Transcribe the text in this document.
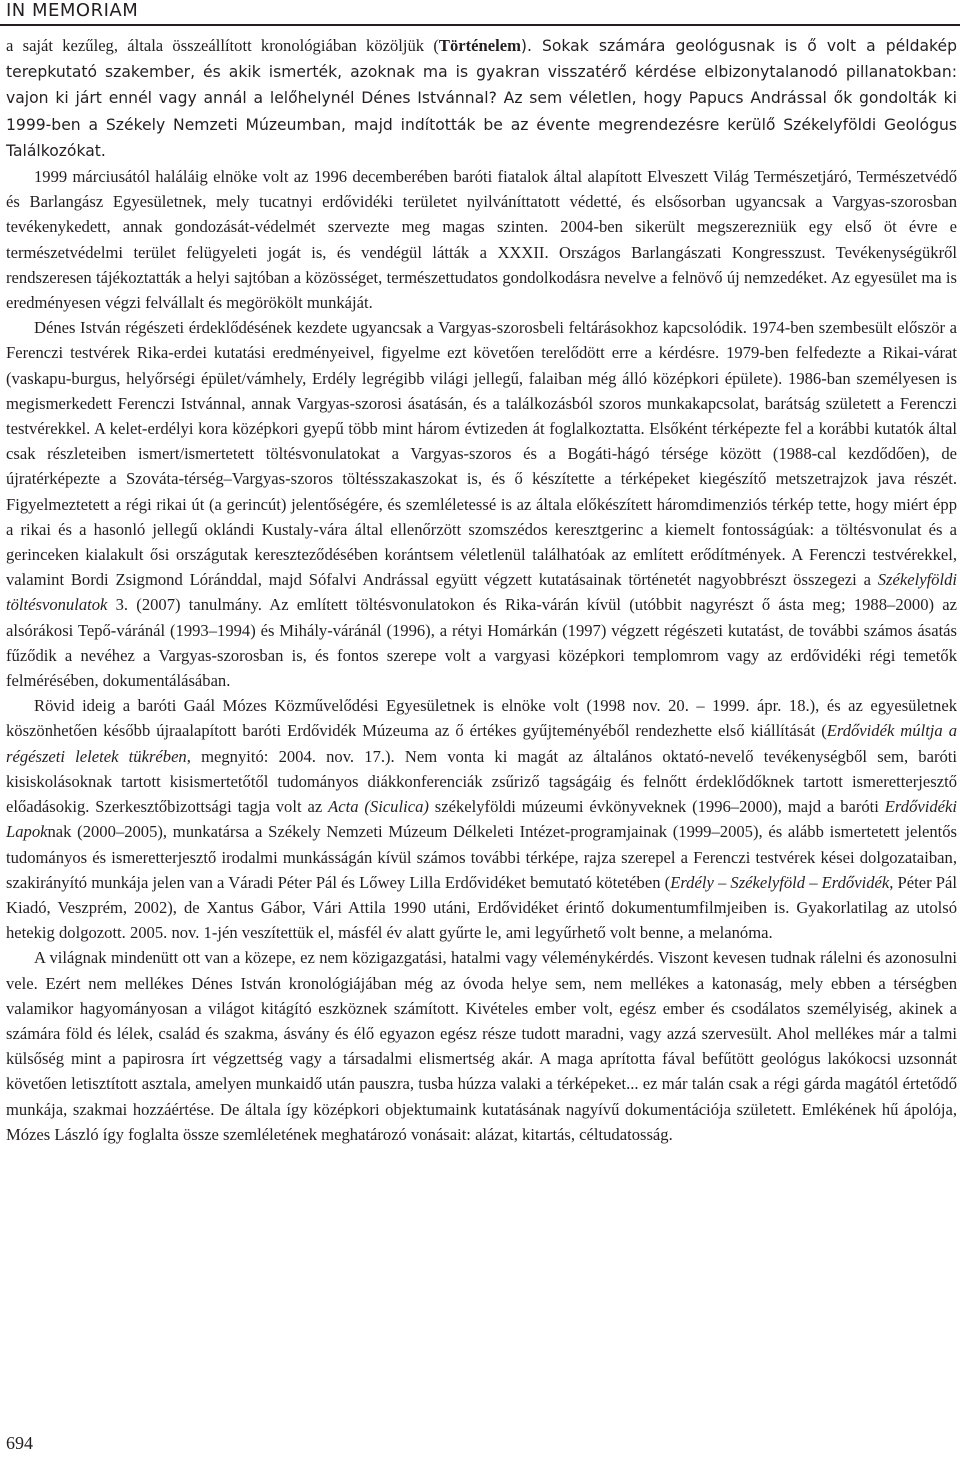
IN MEMORIAM

a saját kezűleg, általa összeállított kronológiában közöljük (Történelem). Sokak számára geológusnak is ő volt a példakép terepkutató szakember, és akik ismerték, azoknak ma is gyakran visszatérő kérdése elbizonytalanodó pillanatokban: vajon ki járt ennél vagy annál a lelőhelynél Dénes Istvánnal? Az sem véletlen, hogy Papucs Andrással ők gondolták ki 1999-ben a Székely Nemzeti Múzeumban, majd indították be az évente megrendezésre kerülő Székelyföldi Geológus Találkozókat.

1999 márciusától haláláig elnöke volt az 1996 decemberében baróti fiatalok által alapított Elveszett Világ Természetjáró, Természetvédő és Barlangász Egyesületnek, mely tucatnyi erdővidéki területet nyilváníttatott védetté, és elsősorban ugyancsak a Vargyas-szorosban tevékenykedett, annak gondozását-védelmét szervezte meg magas szinten. 2004-ben sikerült megszerezniük egy első öt évre e természetvédelmi terület felügyeleti jogát is, és vendégül látták a XXXII. Országos Barlangászati Kongresszust. Tevékenységükről rendszeresen tájékoztatták a helyi sajtóban a közösséget, természettudatos gondolkodásra nevelve a felnövő új nemzedéket. Az egyesület ma is eredményesen végzi felvállalt és megörökölt munkáját.

Dénes István régészeti érdeklődésének kezdete ugyancsak a Vargyas-szorosbeli feltárásokhoz kapcsolódik. 1974-ben szembesült először a Ferenczi testvérek Rika-erdei kutatási eredményeivel, figyelme ezt követően terelődött erre a kérdésre. 1979-ben felfedezte a Rikai-várat (vaskapu-burgus, helyőrségi épület/vámhely, Erdély legrégibb világi jellegű, falaiban még álló középkori épülete). 1986-ban személyesen is megismerkedett Ferenczi Istvánnal, annak Vargyas-szorosi ásatásán, és a találkozásból szoros munkakapcsolat, barátság született a Ferenczi testvérekkel. A kelet-erdélyi kora középkori gyepű több mint három évtizeden át foglalkoztatta. Elsőként térképezte fel a korábbi kutatók által csak részleteiben ismert/ismertetett töltésvonulatokat a Vargyas-szoros és a Bogáti-hágó térsége között (1988-cal kezdődően), de újratérképezte a Szováta-térség–Vargyas-szoros töltésszakaszokat is, és ő készítette a térképeket kiegészítő metszetrajzok java részét. Figyelmeztetett a régi rikai út (a gerincút) jelentőségére, és szemléletessé is az általa előkészített háromdimenziós térkép tette, hogy miért épp a rikai és a hasonló jellegű oklándi Kustaly-vára által ellenőrzött szomszédos keresztgerinc a kiemelt fontosságúak: a töltésvonulat és a gerinceken kialakult ősi országutak kereszteződésében korántsem véletlenül találhatóak az említett erődítmények. A Ferenczi testvérekkel, valamint Bordi Zsigmond Lóránddal, majd Sófalvi Andrással együtt végzett kutatásainak történetét nagyobbrészt összegezi a Székelyföldi töltésvonulatok 3. (2007) tanulmány. Az említett töltésvonulatokon és Rika-várán kívül (utóbbit nagyrészt ő ásta meg; 1988–2000) az alsórákosi Tepő-váránál (1993–1994) és Mihály-váránál (1996), a rétyi Homárkán (1997) végzett régészeti kutatást, de további számos ásatás fűződik a nevéhez a Vargyas-szorosban is, és fontos szerepe volt a vargyasi középkori templomrom vagy az erdővidéki régi temetők felmérésében, dokumentálásában.

Rövid ideig a baróti Gaál Mózes Közművelődési Egyesületnek is elnöke volt (1998 nov. 20. – 1999. ápr. 18.), és az egyesületnek köszönhetően később újraalapított baróti Erdővidék Múzeuma az ő értékes gyűjteményéből rendezhette első kiállítását (Erdővidék múltja a régészeti leletek tükrében, megnyitó: 2004. nov. 17.). Nem vonta ki magát az általános oktató-nevelő tevékenységből sem, baróti kisiskolásoknak tartott kisismertetőtől tudományos diákkonferenciák zsűriző tagságáig és felnőtt érdeklődőknek tartott ismeretterjesztő előadásokig. Szerkesztőbizottsági tagja volt az Acta (Siculica) székelyföldi múzeumi évkönyveknek (1996–2000), majd a baróti Erdővidéki Lapoknak (2000–2005), munkatársa a Székely Nemzeti Múzeum Délkeleti Intézet-programjainak (1999–2005), és alább ismertetett jelentős tudományos és ismeretterjesztő irodalmi munkásságán kívül számos további térképe, rajza szerepel a Ferenczi testvérek kései dolgozataiban, szakirányító munkája jelen van a Váradi Péter Pál és Lőwey Lilla Erdővidéket bemutató kötetében (Erdély – Székelyföld – Erdővidék, Péter Pál Kiadó, Veszprém, 2002), de Xantus Gábor, Vári Attila 1990 utáni, Erdővidéket érintő dokumentumfilmjeiben is. Gyakorlatilag az utolsó hetekig dolgozott. 2005. nov. 1-jén veszítettük el, másfél év alatt gyűrte le, ami legyűrhető volt benne, a melanóma.

A világnak mindenütt ott van a közepe, ez nem közigazgatási, hatalmi vagy véleménykérdés. Viszont kevesen tudnak rálelni és azonosulni vele. Ezért nem mellékes Dénes István kronológiájában még az óvoda helye sem, nem mellékes a katonaság, mely ebben a térségben valamikor hagyományosan a világot kitágító eszköznek számított. Kivételes ember volt, egész ember és csodálatos személyiség, akinek a számára föld és lélek, család és szakma, ásvány és élő egyazon egész része tudott maradni, vagy azzá szervesült. Ahol mellékes már a talmi külsőség mint a papirosra írt végzettség vagy a társadalmi elismertség akár. A maga aprította fával befűtött geológus lakókocsi uzsonnát követően letisztított asztala, amelyen munkaidő után pauszra, tusba húzza valaki a térképeket... ez már talán csak a régi gárda magától értetődő munkája, szakmai hozzáértése. De általa így középkori objektumaink kutatásának nagyívű dokumentációja született. Emlékének hű ápolója, Mózes László így foglalta össze szemléletének meghatározó vonásait: alázat, kitartás, céltudatosság.

694
